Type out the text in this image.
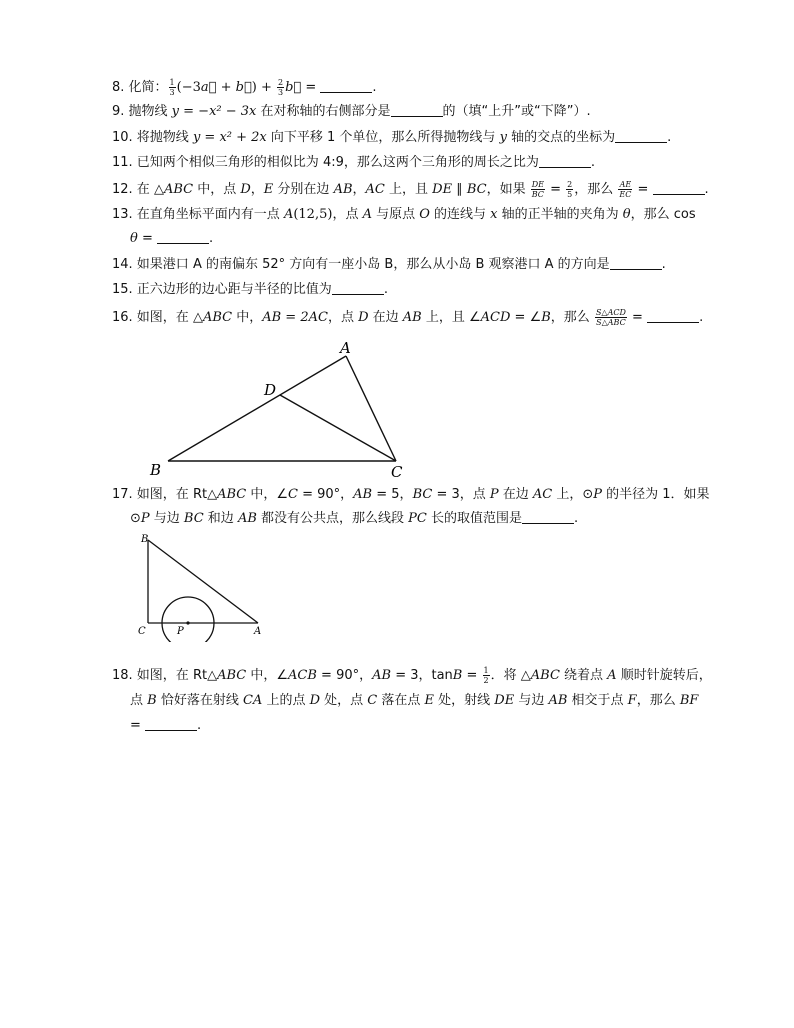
8. 化简： $\frac{1}{3}$ (−3a⃗ + b⃗) + $\frac{2}{3}$ b⃗ =	.
9. 抛物线 y = −x² − 3x 在对称轴的右侧部分是	的（填“上升”或“下降”）.
10. 将抛物线 y = x² + 2x 向下平移 1 个单位，那么所得抛物线与 y 轴的交点的坐标为	.
11. 已知两个相似三角形的相似比为 4:9，那么这两个三角形的周长之比为	.
12. 在 △ABC 中，点 D，E 分别在边 AB，AC 上，且 DE ∥ BC，如果 $\frac{DE}{BC} = \frac{2}{5}$ ，那么 $\frac{AE}{EC}$ =	.
13. 在直角坐标平面内有一点 A(12,5)，点 A 与原点 O 的连线与 x 轴的正半轴的夹角为 θ，那么 cos
θ =	.
14. 如果港口 A 的南偏东 52° 方向有一座小岛 B，那么从小岛 B 观察港口 A 的方向是	.
15. 正六边形的边心距与半径的比值为	.
16. 如图，在 △ABC 中，AB = 2AC，点 D 在边 AB 上，且 ∠ACD = ∠B，那么 $\frac{\text{S△ACD}}{\text{S△ABC}}$ =	.
A
B	C
D
17. 如图，在 Rt△ABC 中，∠C = 90°，AB = 5，BC = 3，点 P 在边 AC 上，⊙P 的半径为 1．如果
⊙P 与边 BC 和边 AB 都没有公共点，那么线段 PC 长的取值范围是	.
B
C	A
P
18. 如图，在 Rt△ABC 中，∠ACB = 90°，AB = 3，$\tan B = \frac{1}{2}$ ．将 △ABC 绕着点 A 顺时针旋转后，
点 B 恰好落在射线 CA 上的点 D 处，点 C 落在点 E 处，射线 DE 与边 AB 相交于点 F，那么 BF
=	.
